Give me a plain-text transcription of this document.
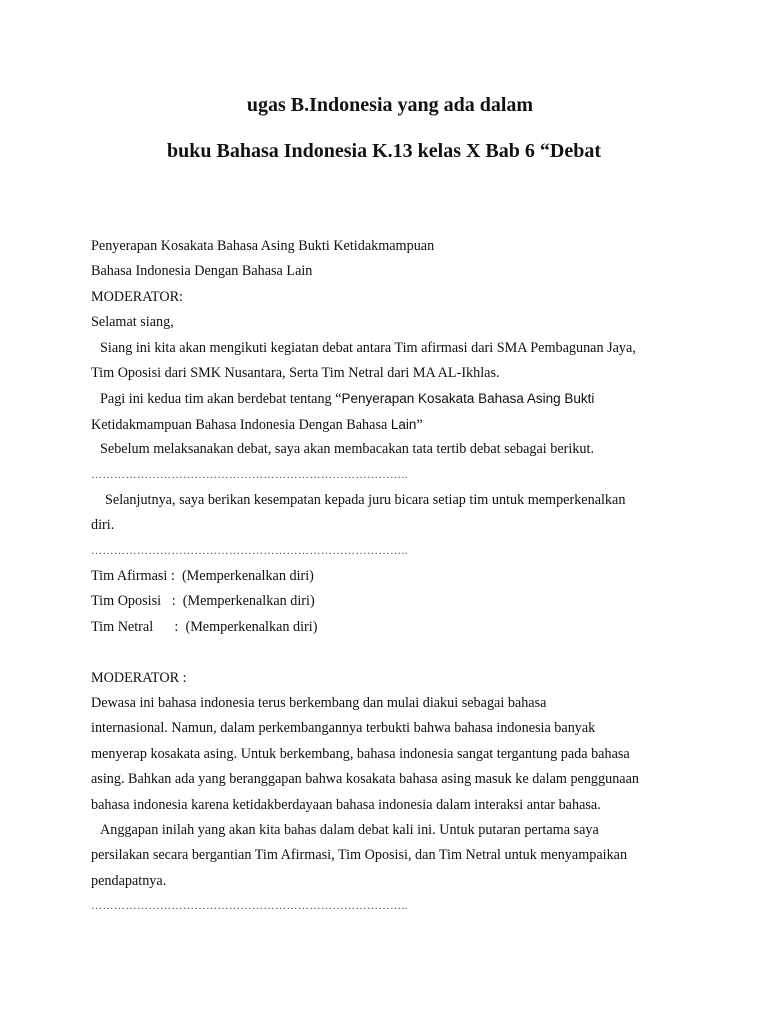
ugas B.Indonesia yang ada dalam
buku Bahasa Indonesia K.13 kelas X Bab 6 “Debat
Penyerapan Kosakata Bahasa Asing Bukti Ketidakmampuan
Bahasa Indonesia Dengan Bahasa Lain
MODERATOR:
Selamat siang,
Siang ini kita akan mengikuti kegiatan debat antara Tim afirmasi dari SMA Pembagunan Jaya,
Tim Oposisi dari SMK Nusantara, Serta Tim Netral dari MA AL-Ikhlas.
Pagi ini kedua tim akan berdebat tentang “Penyerapan Kosakata Bahasa Asing Bukti
Ketidakmampuan Bahasa Indonesia Dengan Bahasa Lain”
Sebelum melaksanakan debat, saya akan membacakan tata tertib debat sebagai berikut.
………………………………………………………………………..
Selanjutnya, saya berikan kesempatan kepada juru bicara setiap tim untuk memperkenalkan
diri.
………………………………………………………………………..
Tim Afirmasi : (Memperkenalkan diri)
Tim Oposisi   : (Memperkenalkan diri)
Tim Netral      : (Memperkenalkan diri)
MODERATOR :
Dewasa ini bahasa indonesia terus berkembang dan mulai diakui sebagai bahasa
internasional. Namun, dalam perkembangannya terbukti bahwa bahasa indonesia banyak
menyerap kosakata asing. Untuk berkembang, bahasa indonesia sangat tergantung pada bahasa
asing. Bahkan ada yang beranggapan bahwa kosakata bahasa asing masuk ke dalam penggunaan
bahasa indonesia karena ketidakberdayaan bahasa indonesia dalam interaksi antar bahasa.
Anggapan inilah yang akan kita bahas dalam debat kali ini. Untuk putaran pertama saya
persilakan secara bergantian Tim Afirmasi, Tim Oposisi, dan Tim Netral untuk menyampaikan
pendapatnya.
………………………………………………………………………..
